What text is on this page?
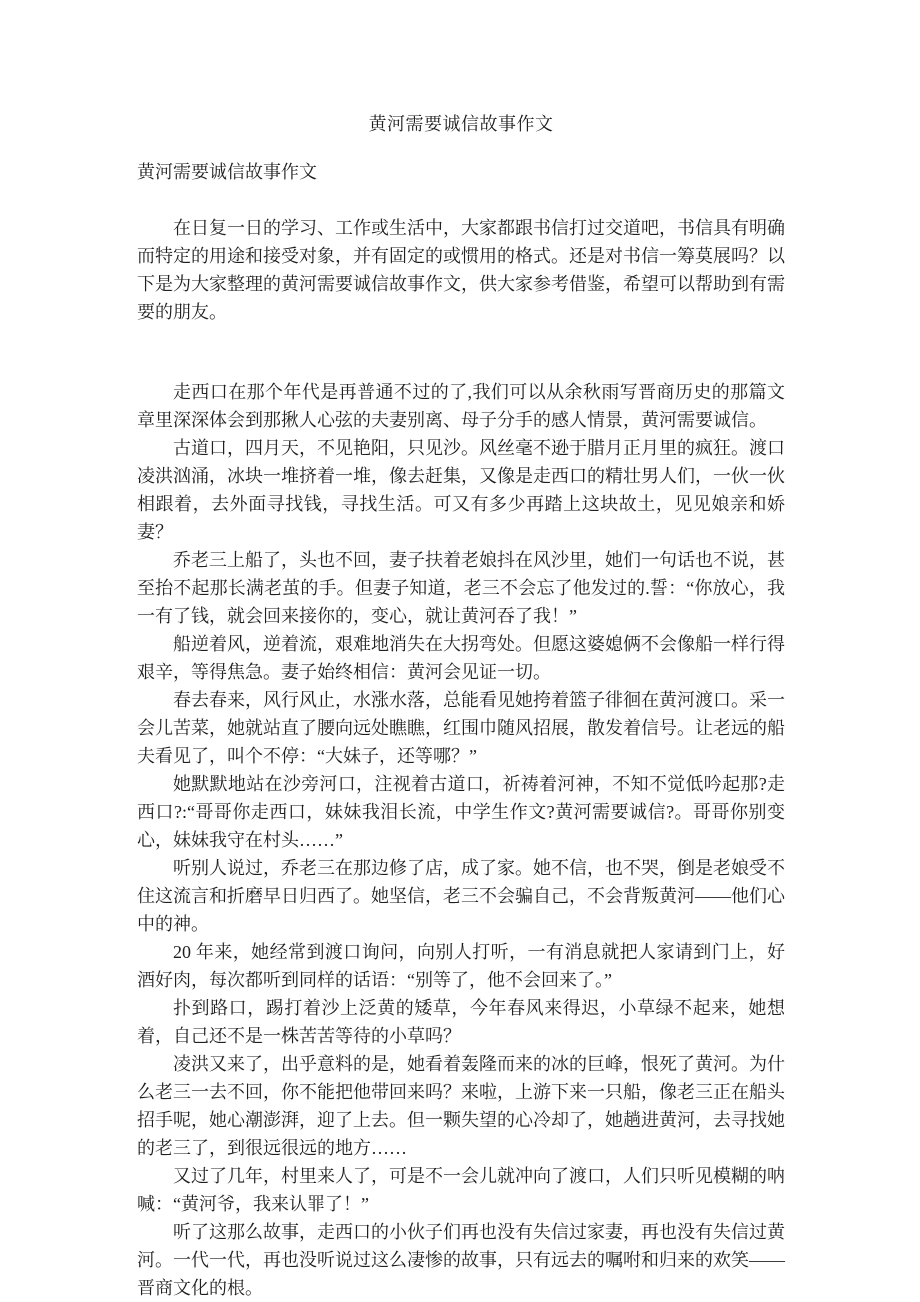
黄河需要诚信故事作文

黄河需要诚信故事作文

在日复一日的学习、工作或生活中，大家都跟书信打过交道吧，书信具有明确而特定的用途和接受对象，并有固定的或惯用的格式。还是对书信一筹莫展吗？以下是为大家整理的黄河需要诚信故事作文，供大家参考借鉴，希望可以帮助到有需要的朋友。

走西口在那个年代是再普通不过的了,我们可以从余秋雨写晋商历史的那篇文章里深深体会到那揪人心弦的夫妻别离、母子分手的感人情景，黄河需要诚信。

古道口，四月天，不见艳阳，只见沙。风丝毫不逊于腊月正月里的疯狂。渡口凌洪汹涌，冰块一堆挤着一堆，像去赶集，又像是走西口的精壮男人们，一伙一伙相跟着，去外面寻找钱，寻找生活。可又有多少再踏上这块故土，见见娘亲和娇妻？

乔老三上船了，头也不回，妻子扶着老娘抖在风沙里，她们一句话也不说，甚至抬不起那长满老茧的手。但妻子知道，老三不会忘了他发过的.誓：“你放心，我一有了钱，就会回来接你的，变心，就让黄河吞了我！”

船逆着风，逆着流，艰难地消失在大拐弯处。但愿这婆媳俩不会像船一样行得艰辛，等得焦急。妻子始终相信：黄河会见证一切。

春去春来，风行风止，水涨水落，总能看见她挎着篮子徘徊在黄河渡口。采一会儿苦菜，她就站直了腰向远处瞧瞧，红围巾随风招展，散发着信号。让老远的船夫看见了，叫个不停：“大妹子，还等哪？”

她默默地站在沙旁河口，注视着古道口，祈祷着河神，不知不觉低吟起那?走西口?:“哥哥你走西口，妹妹我泪长流，中学生作文?黄河需要诚信?。哥哥你别变心，妹妹我守在村头……”

听别人说过，乔老三在那边修了店，成了家。她不信，也不哭，倒是老娘受不住这流言和折磨早日归西了。她坚信，老三不会骗自己，不会背叛黄河——他们心中的神。

20 年来，她经常到渡口询问，向别人打听，一有消息就把人家请到门上，好酒好肉，每次都听到同样的话语：“别等了，他不会回来了。”

扑到路口，踢打着沙上泛黄的矮草，今年春风来得迟，小草绿不起来，她想着，自己还不是一株苦苦等待的小草吗？

凌洪又来了，出乎意料的是，她看着轰隆而来的冰的巨峰，恨死了黄河。为什么老三一去不回，你不能把他带回来吗？来啦，上游下来一只船，像老三正在船头招手呢，她心潮澎湃，迎了上去。但一颗失望的心冷却了，她趟进黄河，去寻找她的老三了，到很远很远的地方……

又过了几年，村里来人了，可是不一会儿就冲向了渡口，人们只听见模糊的呐喊：“黄河爷，我来认罪了！”

听了这那么故事，走西口的小伙子们再也没有失信过家妻，再也没有失信过黄河。一代一代，再也没听说过这么凄惨的故事，只有远去的嘱咐和归来的欢笑——晋商文化的根。
